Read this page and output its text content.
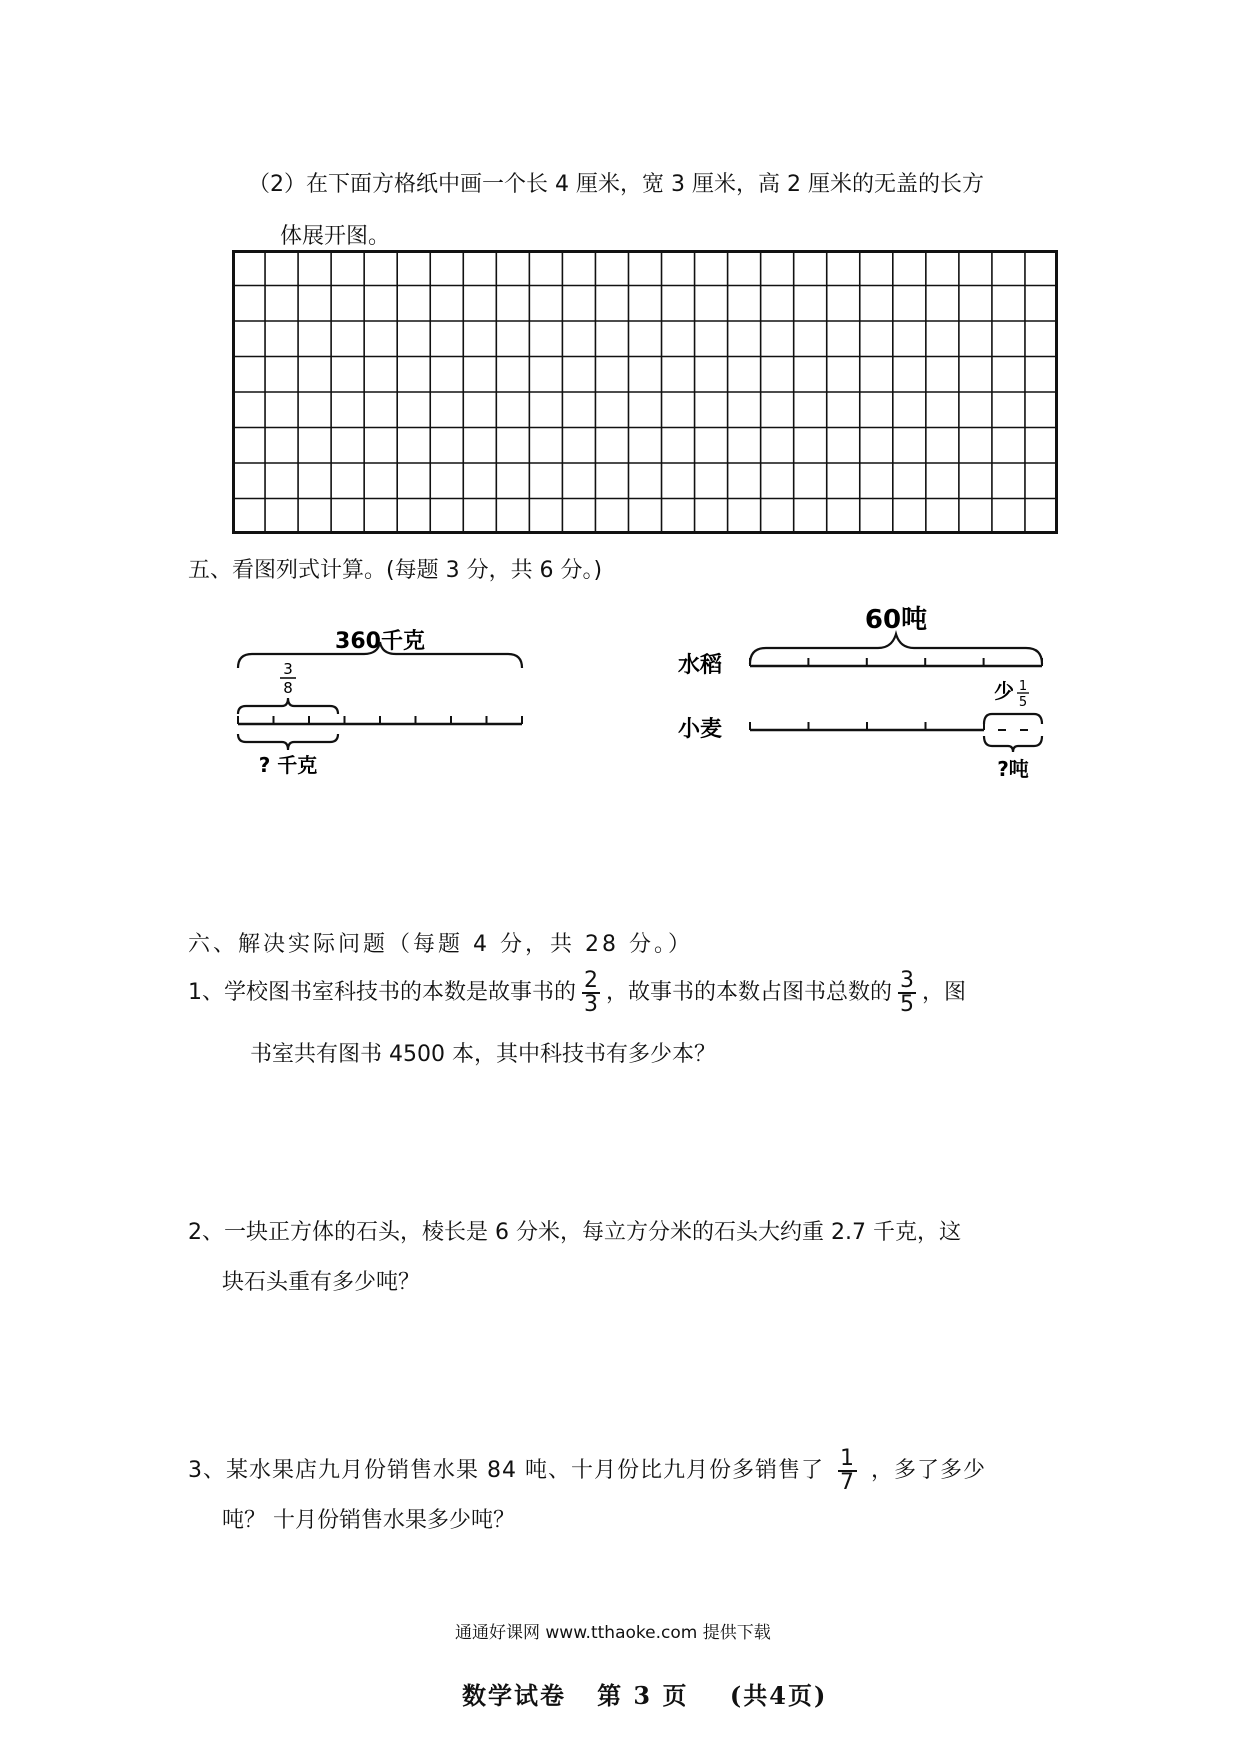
（2）在下面方格纸中画一个长 4 厘米，宽 3 厘米，高 2 厘米的无盖的长方
体展开图。
五、看图列式计算。(每题 3 分，共 6 分。)
360千克
3
8
? 千克
60吨
水稻
少 1
5
小麦
?吨
六、解决实际问题（每题 4 分，共 28 分。）
1、学校图书室科技书的本数是故事书的 $\frac{2}{3}$ ，故事书的本数占图书总数的 $\frac{3}{5}$ ，图
书室共有图书 4500 本，其中科技书有多少本？
2、一块正方体的石头，棱长是 6 分米，每立方分米的石头大约重 2.7 千克，这
块石头重有多少吨？
3、某水果店九月份销售水果 84 吨、十月份比九月份多销售了 $\frac{1}{7}$ ，多了多少
吨？ 十月份销售水果多少吨？
通通好课网 www.tthaoke.com 提供下载
数学试卷   第 3 页    (共4页)
